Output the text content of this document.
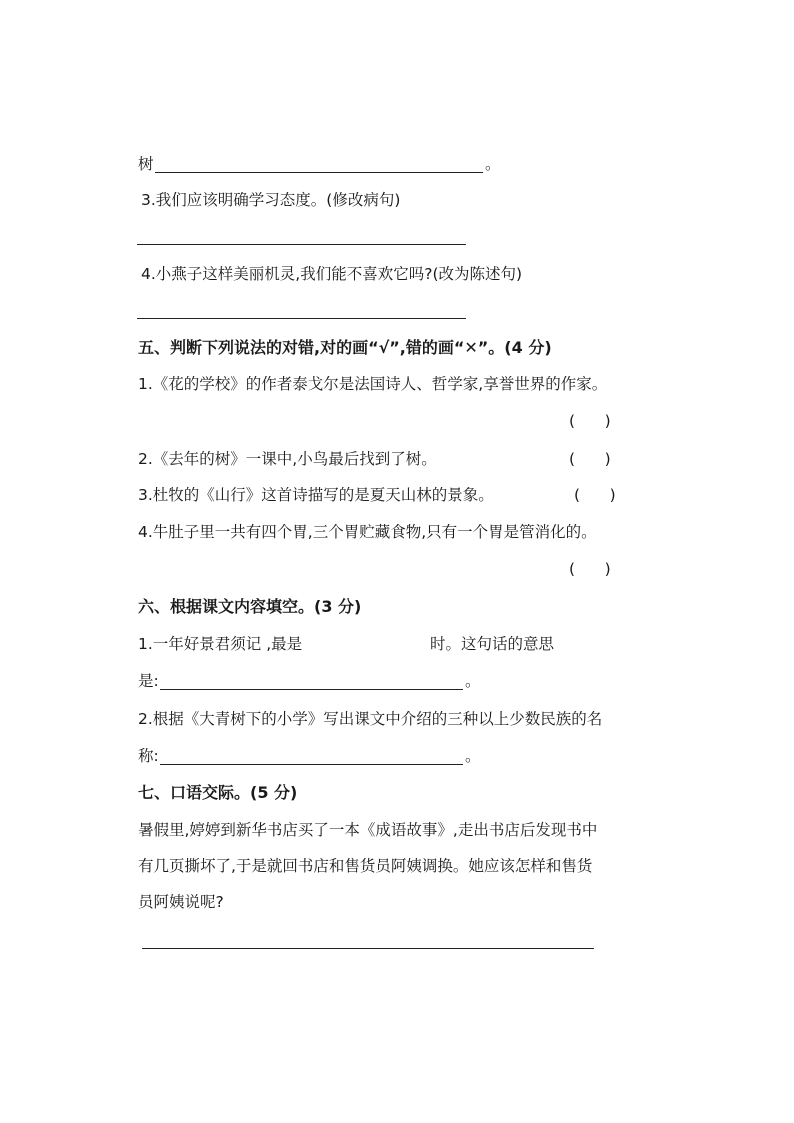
树	。
3.我们应该明确学习态度。(修改病句)
4.小燕子这样美丽机灵,我们能不喜欢它吗?(改为陈述句)
五、判断下列说法的对错,对的画“√”,错的画“✕”。(4 分)
1.《花的学校》的作者泰戈尔是法国诗人、哲学家,享誉世界的作家。
(      )
2.《去年的树》一课中,小鸟最后找到了树。	(      )
3.杜牧的《山行》这首诗描写的是夏天山林的景象。	(      )
4.牛肚子里一共有四个胃,三个胃贮藏食物,只有一个胃是管消化的。
(      )
六、根据课文内容填空。(3 分)
1.一年好景君须记 ,最是	时。这句话的意思
是:	。
2.根据《大青树下的小学》写出课文中介绍的三种以上少数民族的名
称:	。
七、口语交际。(5 分)
暑假里,婷婷到新华书店买了一本《成语故事》,走出书店后发现书中
有几页撕坏了,于是就回书店和售货员阿姨调换。她应该怎样和售货
员阿姨说呢?
